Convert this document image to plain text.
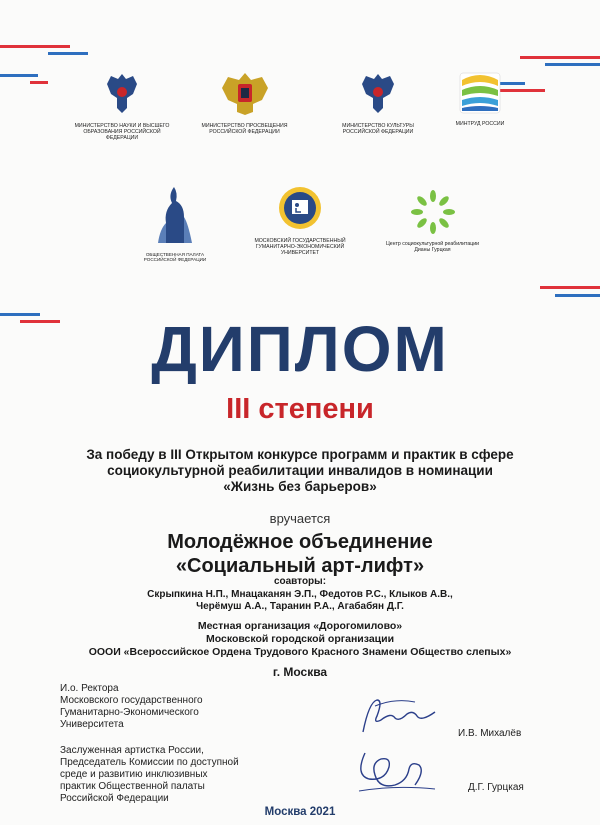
МИНИСТЕРСТВО НАУКИ И ВЫСШЕГО ОБРАЗОВАНИЯ РОССИЙСКОЙ ФЕДЕРАЦИИ
МИНИСТЕРСТВО ПРОСВЕЩЕНИЯ РОССИЙСКОЙ ФЕДЕРАЦИИ
МИНИСТЕРСТВО КУЛЬТУРЫ РОССИЙСКОЙ ФЕДЕРАЦИИ
МИНТРУД РОССИИ
ОБЩЕСТВЕННАЯ ПАЛАТА РОССИЙСКОЙ ФЕДЕРАЦИИ
МОСКОВСКИЙ ГОСУДАРСТВЕННЫЙ ГУМАНИТАРНО-ЭКОНОМИЧЕСКИЙ УНИВЕРСИТЕТ
Центр социокультурной реабилитации Дианы Гурцкая
ДИПЛОМ
III степени
За победу в III Открытом конкурсе программ и практик в сфере
социокультурной реабилитации инвалидов в номинации
«Жизнь без барьеров»
вручается
Молодёжное объединение
«Социальный арт-лифт»
соавторы:
Скрыпкина Н.П., Мнацаканян Э.П., Федотов Р.С., Клыков А.В.,
Черёмуш А.А., Таранин Р.А., Агабабян Д.Г.
Местная организация «Дорогомилово»
Московской городской организации
ОООИ «Всероссийское Ордена Трудового Красного Знамени Общество слепых»
г. Москва
И.о. Ректора
Московского государственного
Гуманитарно-Экономического
Университета
И.В. Михалёв
Заслуженная артистка России,
Председатель Комиссии по доступной
среде и развитию инклюзивных
практик Общественной палаты
Российской Федерации
Д.Г. Гурцкая
Москва 2021
